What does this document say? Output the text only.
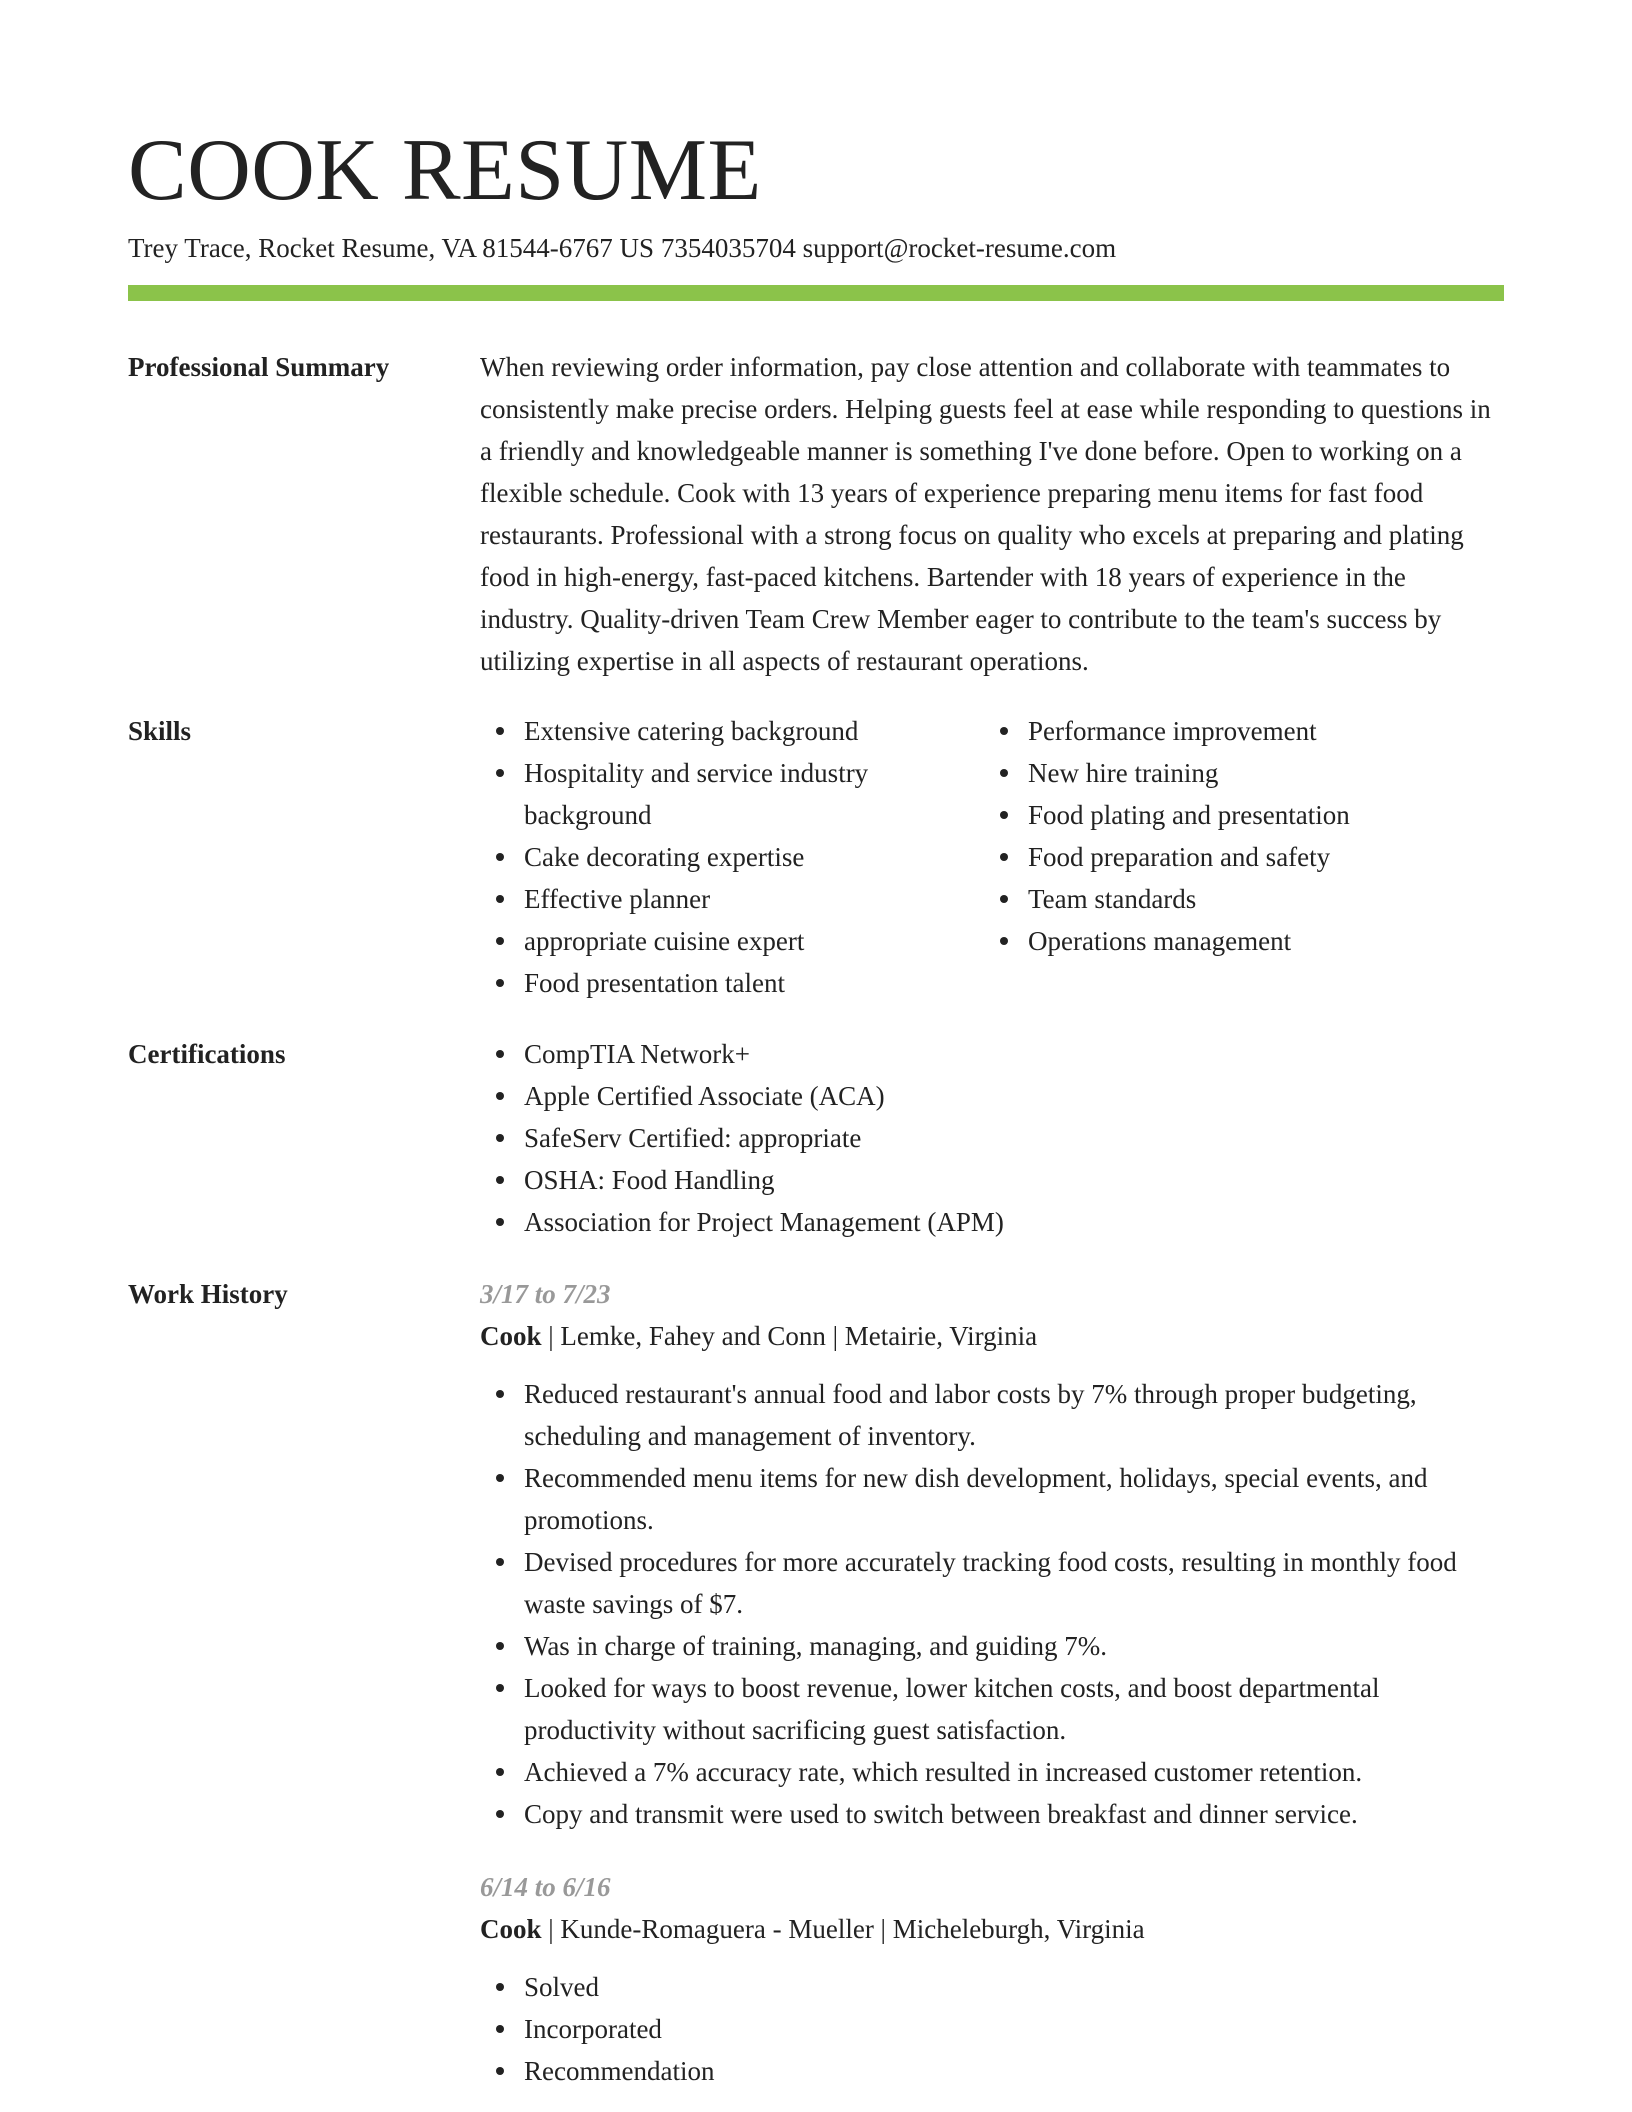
COOK RESUME
Trey Trace, Rocket Resume, VA 81544-6767 US 7354035704 support@rocket-resume.com
Professional Summary	When reviewing order information, pay close attention and collaborate with teammates to consistently make precise orders. Helping guests feel at ease while responding to questions in a friendly and knowledgeable manner is something I've done before. Open to working on a flexible schedule. Cook with 13 years of experience preparing menu items for fast food restaurants. Professional with a strong focus on quality who excels at preparing and plating food in high-energy, fast-paced kitchens. Bartender with 18 years of experience in the industry. Quality-driven Team Crew Member eager to contribute to the team's success by utilizing expertise in all aspects of restaurant operations.

Skills	Extensive catering background
Hospitality and service industry background
Cake decorating expertise
Effective planner
appropriate cuisine expert
Food presentation talent
Performance improvement
New hire training
Food plating and presentation
Food preparation and safety
Team standards
Operations management
Certifications	CompTIA Network+
Apple Certified Associate (ACA)
SafeServ Certified: appropriate
OSHA: Food Handling
Association for Project Management (APM)
Work History	3/17 to 7/23
Cook | Lemke, Fahey and Conn | Metairie, Virginia
Reduced restaurant's annual food and labor costs by 7% through proper budgeting, scheduling and management of inventory.
Recommended menu items for new dish development, holidays, special events, and promotions.
Devised procedures for more accurately tracking food costs, resulting in monthly food waste savings of $7.
Was in charge of training, managing, and guiding 7%.
Looked for ways to boost revenue, lower kitchen costs, and boost departmental productivity without sacrificing guest satisfaction.
Achieved a 7% accuracy rate, which resulted in increased customer retention.
Copy and transmit were used to switch between breakfast and dinner service.
6/14 to 6/16
Cook | Kunde-Romaguera - Mueller | Micheleburgh, Virginia
Solved
Incorporated
Recommendation
